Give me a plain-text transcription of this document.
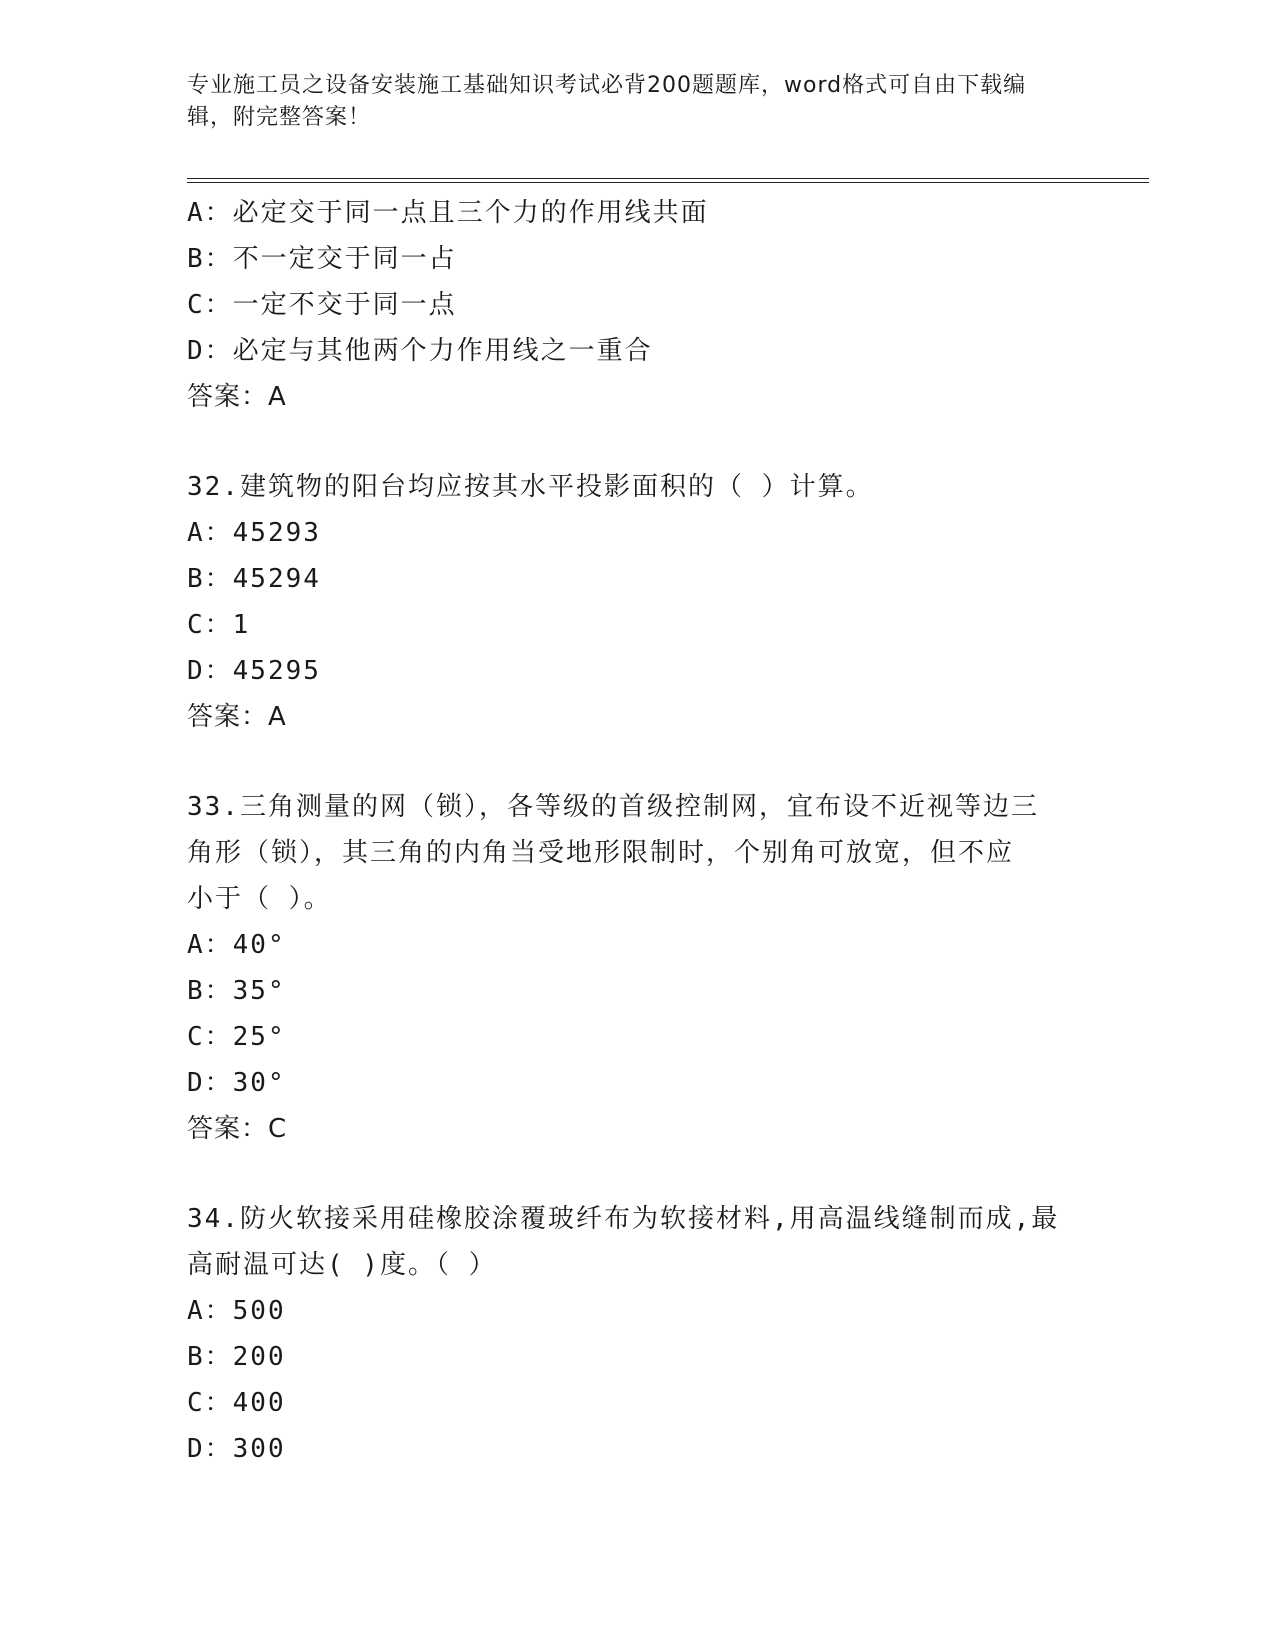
专业施工员之设备安装施工基础知识考试必背200题题库，word格式可自由下载编辑，附完整答案！
A：必定交于同一点且三个力的作用线共面
B：不一定交于同一占
C：一定不交于同一点
D：必定与其他两个力作用线之一重合
答案：A
32.建筑物的阳台均应按其水平投影面积的（ ）计算。
A：45293
B：45294
C：1
D：45295
答案：A
33.三角测量的网（锁），各等级的首级控制网，宜布设不近视等边三
角形（锁），其三角的内角当受地形限制时，个别角可放宽，但不应
小于（ ）。
A：40°
B：35°
C：25°
D：30°
答案：C
34.防火软接采用硅橡胶涂覆玻纤布为软接材料,用高温线缝制而成,最
高耐温可达( )度。（ ）
A：500
B：200
C：400
D：300
